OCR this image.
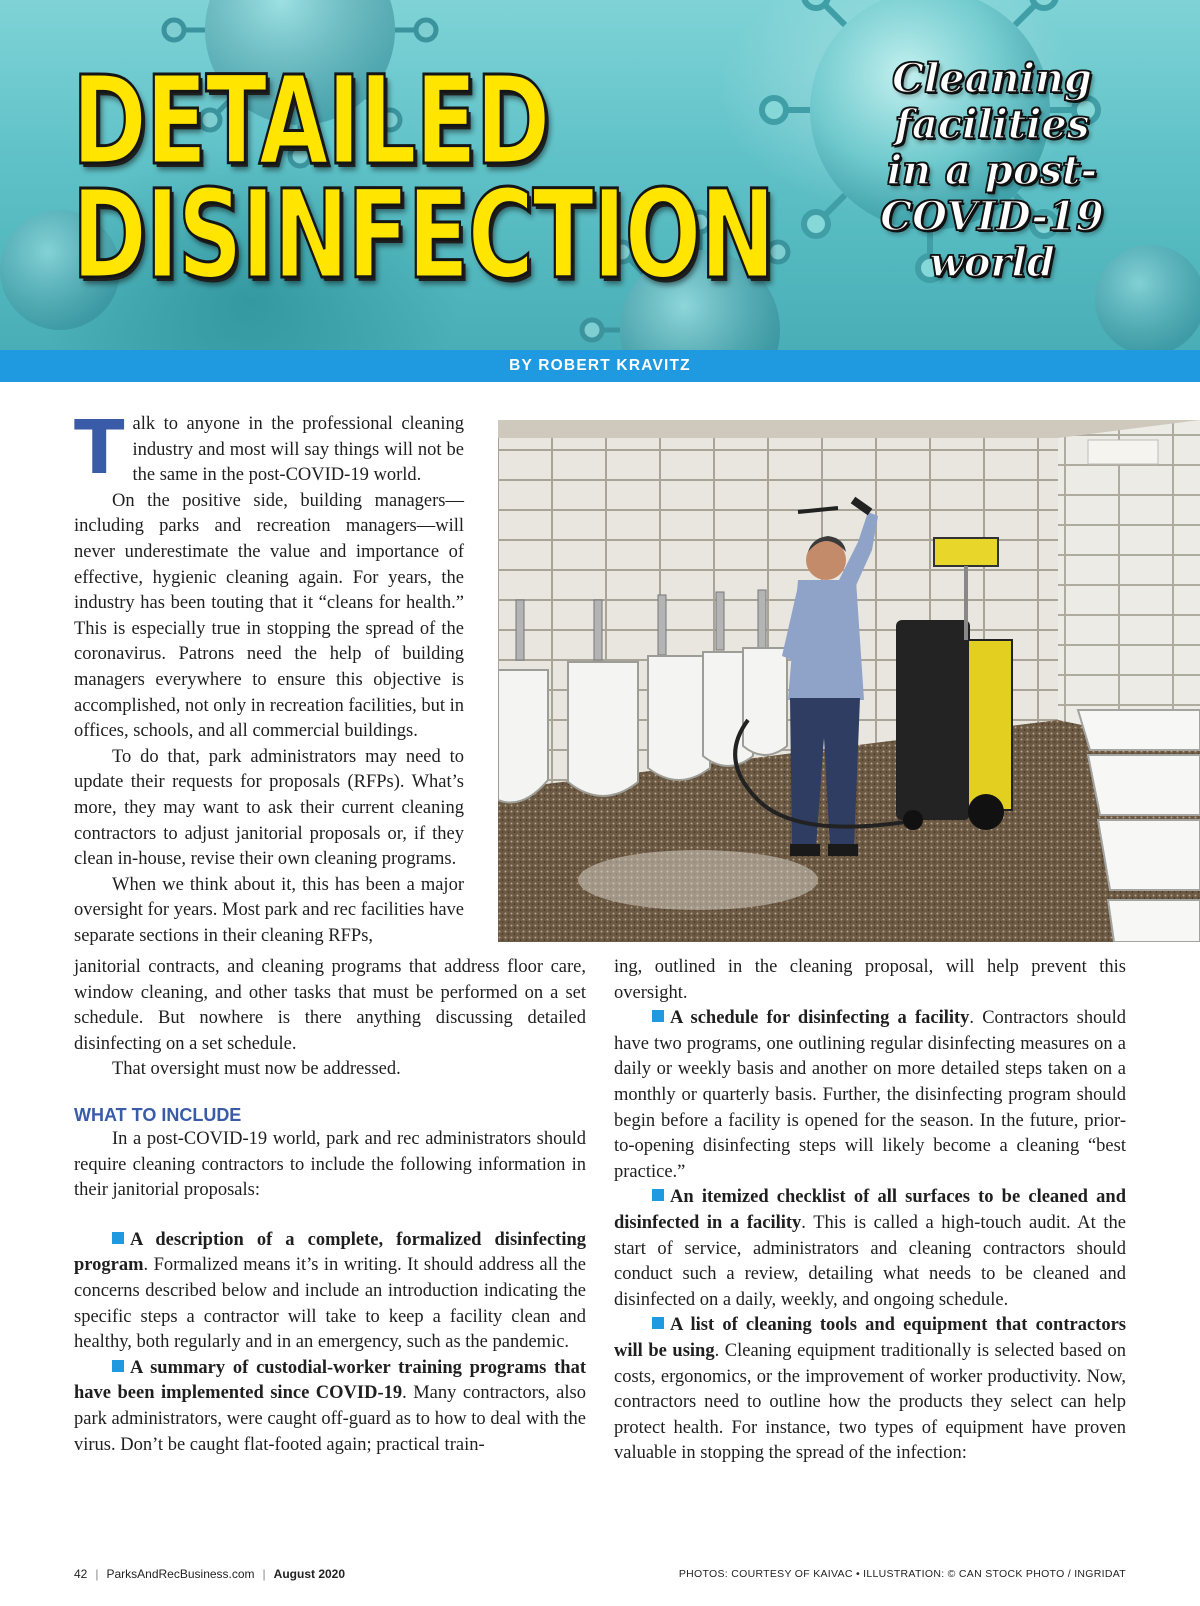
DETAILED
DISINFECTION
Cleaning
facilities
in a post-
COVID-19
world
BY ROBERT KRAVITZ

Talk to anyone in the professional cleaning industry and most will say things will not be the same in the post-COVID-19 world.

On the positive side, building managers—including parks and recreation managers—will never underestimate the value and importance of effective, hygienic cleaning again. For years, the industry has been touting that it “cleans for health.” This is especially true in stopping the spread of the coronavirus. Patrons need the help of building managers everywhere to ensure this objective is accomplished, not only in recreation facilities, but in offices, schools, and all commercial buildings.

To do that, park administrators may need to update their requests for proposals (RFPs). What’s more, they may want to ask their current cleaning contractors to adjust janitorial proposals or, if they clean in-house, revise their own cleaning programs.

When we think about it, this has been a major oversight for years. Most park and rec facilities have separate sections in their cleaning RFPs,

janitorial contracts, and cleaning programs that address floor care, window cleaning, and other tasks that must be performed on a set schedule. But nowhere is there anything discussing detailed disinfecting on a set schedule.

That oversight must now be addressed.

WHAT TO INCLUDE

In a post-COVID-19 world, park and rec administrators should require cleaning contractors to include the following information in their janitorial proposals:

A description of a complete, formalized disinfecting program. Formalized means it’s in writing. It should address all the concerns described below and include an introduction indicating the specific steps a contractor will take to keep a facility clean and healthy, both regularly and in an emergency, such as the pandemic.

A summary of custodial-worker training programs that have been implemented since COVID-19. Many contractors, also park administrators, were caught off-guard as to how to deal with the virus. Don’t be caught flat-footed again; practical train-

ing, outlined in the cleaning proposal, will help prevent this oversight.

A schedule for disinfecting a facility. Contractors should have two programs, one outlining regular disinfecting measures on a daily or weekly basis and another on more detailed steps taken on a monthly or quarterly basis. Further, the disinfecting program should begin before a facility is opened for the season. In the future, prior-to-opening disinfecting steps will likely become a cleaning “best practice.”

An itemized checklist of all surfaces to be cleaned and disinfected in a facility. This is called a high-touch audit. At the start of service, administrators and cleaning contractors should conduct such a review, detailing what needs to be cleaned and disinfected on a daily, weekly, and ongoing schedule.

A list of cleaning tools and equipment that contractors will be using. Cleaning equipment traditionally is selected based on costs, ergonomics, or the improvement of worker productivity. Now, contractors need to outline how the products they select can help protect health. For instance, two types of equipment have proven valuable in stopping the spread of the infection:

42 | ParksAndRecBusiness.com | August 2020	PHOTOS: COURTESY OF KAIVAC • ILLUSTRATION: © CAN STOCK PHOTO / INGRIDAT
